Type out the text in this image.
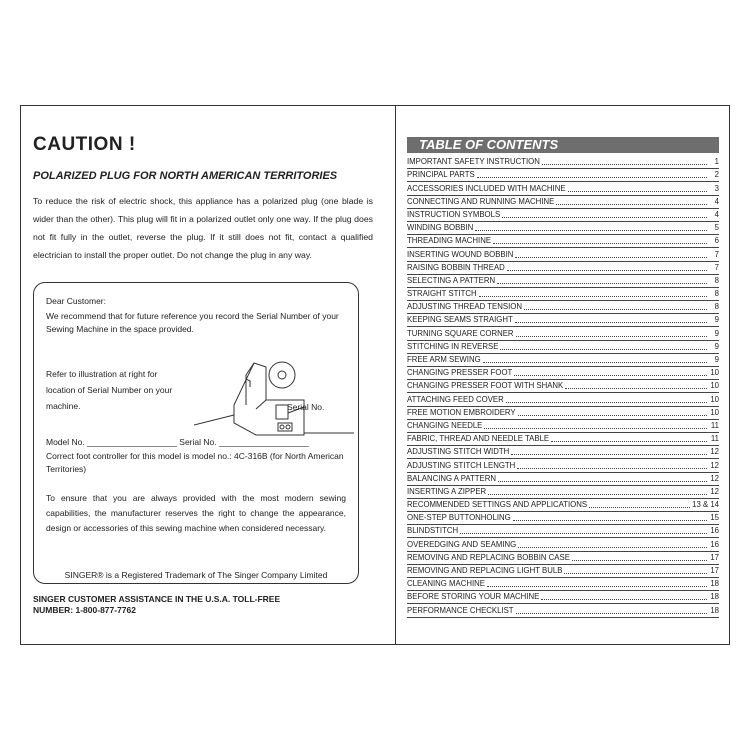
CAUTION !
POLARIZED PLUG FOR NORTH AMERICAN TERRITORIES

To reduce the risk of electric shock, this appliance has a polarized plug (one blade is wider than the other). This plug will fit in a polarized outlet only one way. If the plug does not fit fully in the outlet, reverse the plug. If it still does not fit, contact a qualified electrician to install the proper outlet. Do not change the plug in any way.

Dear Customer:
We recommend that for future reference you record the Serial Number of your Sewing Machine in the space provided.
Refer to illustration at right for location of Serial Number on your machine.	Serial No.
Model No. ___________________ Serial No. ___________________
Correct foot controller for this model is model no.: 4C-316B (for North American Territories)
To ensure that you are always provided with the most modern sewing capabilities, the manufacturer reserves the right to change the appearance, design or accessories of this sewing machine when considered necessary.
SINGER® is a Registered Trademark of The Singer Company Limited
SINGER CUSTOMER ASSISTANCE IN THE U.S.A. TOLL-FREE
NUMBER: 1-800-877-7762
TABLE OF CONTENTS
IMPORTANT SAFETY INSTRUCTION	1
PRINCIPAL PARTS	2
ACCESSORIES INCLUDED WITH MACHINE	3
CONNECTING AND RUNNING MACHINE	4
INSTRUCTION SYMBOLS	4
WINDING BOBBIN	5
THREADING MACHINE	6
INSERTING WOUND BOBBIN	7
RAISING BOBBIN THREAD	7
SELECTING A PATTERN	8
STRAIGHT STITCH	8
ADJUSTING THREAD TENSION	8
KEEPING SEAMS STRAIGHT	9
TURNING SQUARE CORNER	9
STITCHING IN REVERSE	9
FREE ARM SEWING	9
CHANGING PRESSER FOOT	10
CHANGING PRESSER FOOT WITH SHANK	10
ATTACHING FEED COVER	10
FREE MOTION EMBROIDERY	10
CHANGING NEEDLE	11
FABRIC, THREAD AND NEEDLE TABLE	11
ADJUSTING STITCH WIDTH	12
ADJUSTING STITCH LENGTH	12
BALANCING A PATTERN	12
INSERTING A ZIPPER	12
RECOMMENDED SETTINGS AND APPLICATIONS	13 & 14
ONE-STEP BUTTONHOLING	15
BLINDSTITCH	16
OVEREDGING AND SEAMING	16
REMOVING AND REPLACING BOBBIN CASE	17
REMOVING AND REPLACING LIGHT BULB	17
CLEANING MACHINE	18
BEFORE STORING YOUR MACHINE	18
PERFORMANCE CHECKLIST	18
